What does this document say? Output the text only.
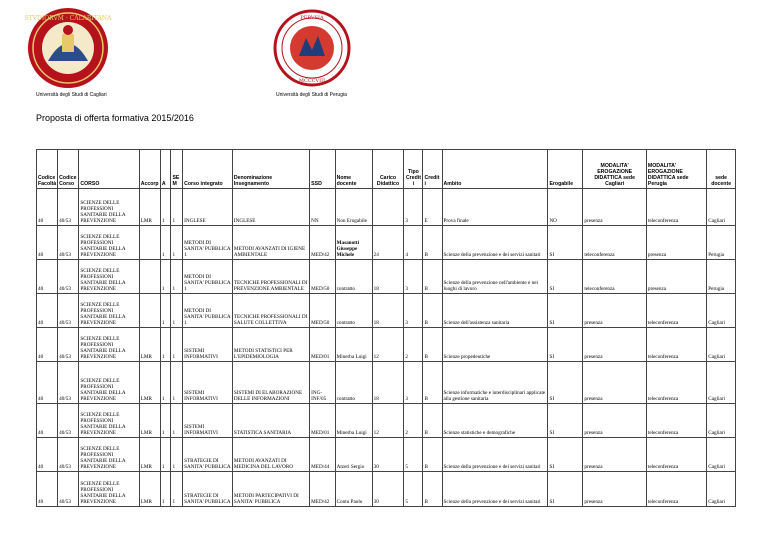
STVDIORVM · CALARITANA
MCCCVIII
PERVSIA
Università degli Studi di Cagliari	Università degli Studi di Perugia
Proposta di offerta formativa 2015/2016
Codice Facoltà	Codice Corso	CORSO	Accorp	A	SEM	Corso integrato	Denominazione Insegnamento	SSD	Nome docente	Carico Didattico	Tipo Crediti	Crediti	Ambito	Erogabile	MODALITA' EROGAZIONE DIDATTICA sede Cagliari	MODALITA' EROGAZIONE DIDATTICA sede Perugia	sede docente
40	40/53	SCIENZE DELLE PROFESSIONI SANITARIE DELLA PREVENZIONE	LMR	1	1	INGLESE	INGLESE	NN	Non Erogabile		3	E	Prova finale	NO	presenza	teleconferenza	Cagliari
40	40/53	SCIENZE DELLE PROFESSIONI SANITARIE DELLA PREVENZIONE		1	1	METODI DI SANITA' PUBBLICA 1	METODI AVANZATI DI IGIENE AMBIENTALE	MED/42	Masanotti Giuseppe Michele	24	4	B	Scienze della prevenzione e dei servizi sanitari	SI	teleconferenza	presenza	Perugia
40	40/53	SCIENZE DELLE PROFESSIONI SANITARIE DELLA PREVENZIONE		1	1	METODI DI SANITA' PUBBLICA 1	TECNICHE PROFESSIONALI DI PREVENZIONE AMBIENTALE	MED/50	contratto	18	3	B	Scienze della prevenzione nell'ambiente e nei luoghi di lavoro	SI	teleconferenza	presenza	Perugia
40	40/53	SCIENZE DELLE PROFESSIONI SANITARIE DELLA PREVENZIONE		1	1	METODI DI SANITA' PUBBLICA 1	TECNICHE PROFESSIONALI DI SALUTE COLLETTIVA	MED/50	contratto	18	3	B	Scienze dell'assistenza sanitaria	SI	presenza	teleconferenza	Cagliari
40	40/53	SCIENZE DELLE PROFESSIONI SANITARIE DELLA PREVENZIONE	LMR	1	1	SISTEMI INFORMATIVI	METODI STATISTICI PER L'EPIDEMIOLOGIA	MED/01	Minerba Luigi	12	2	B	Scienze propedeutiche	SI	presenza	teleconferenza	Cagliari
40	40/53	SCIENZE DELLE PROFESSIONI SANITARIE DELLA PREVENZIONE	LMR	1	1	SISTEMI INFORMATIVI	SISTEMI DI ELABORAZIONE DELLE INFORMAZIONI	ING-INF/05	contratto	18	3	B	Scienze informatiche e interdisciplinari applicate alla gestione sanitaria	SI	presenza	teleconferenza	Cagliari
40	40/53	SCIENZE DELLE PROFESSIONI SANITARIE DELLA PREVENZIONE	LMR	1	1	SISTEMI INFORMATIVI	STATISTICA SANITARIA	MED/01	Minerba Luigi	12	2	B	Scienze statistiche e demografiche	SI	presenza	teleconferenza	Cagliari
40	40/53	SCIENZE DELLE PROFESSIONI SANITARIE DELLA PREVENZIONE	LMR	1	1	STRATEGIE DI SANITA' PUBBLICA	METODI AVANZATI DI MEDICINA DEL LAVORO	MED/44	Atzeri Sergio	30	5	B	Scienze della prevenzione e dei servizi sanitari	SI	presenza	teleconferenza	Cagliari
40	40/53	SCIENZE DELLE PROFESSIONI SANITARIE DELLA PREVENZIONE	LMR	1	1	STRATEGIE DI SANITA' PUBBLICA	METODI PARTECIPATIVI DI SANITA' PUBBLICA	MED/42	Contu Paolo	30	5	B	Scienze della prevenzione e dei servizi sanitari	SI	presenza	teleconferenza	Cagliari
